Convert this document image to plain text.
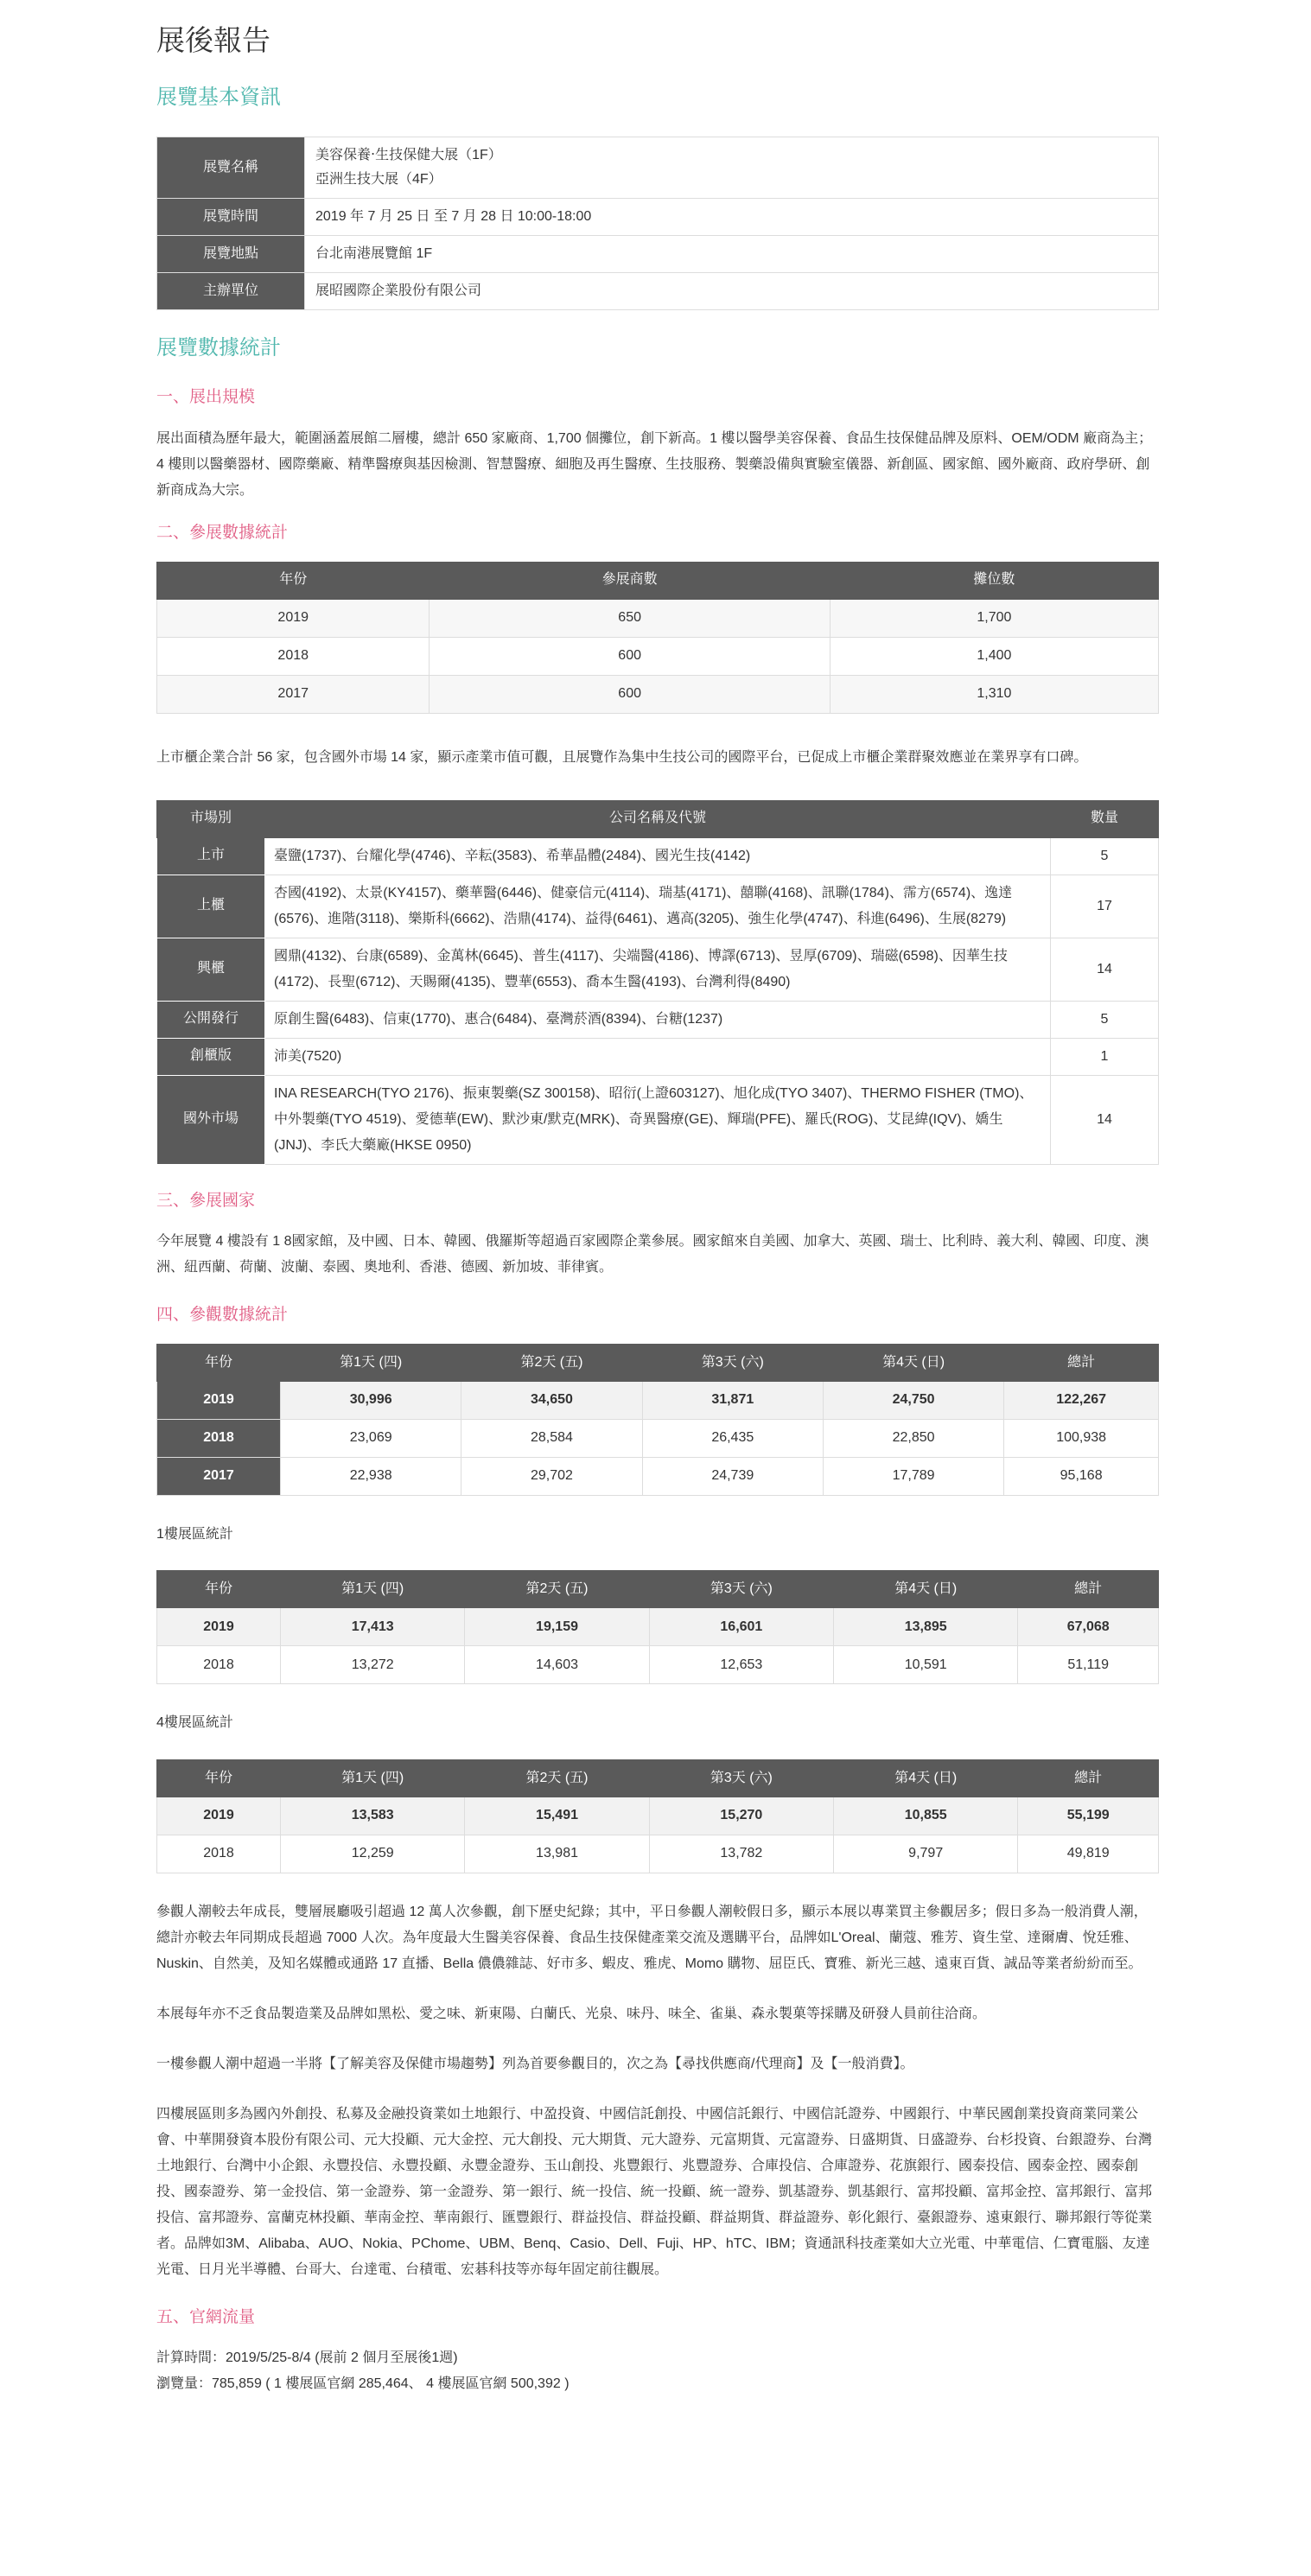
展後報告
展覽基本資訊
展覽名稱	美容保養‧生技保健大展（1F）
亞洲生技大展（4F）

展覽時間	2019 年 7 月 25 日 至 7 月 28 日 10:00-18:00
展覽地點	台北南港展覽館 1F
主辦單位	展昭國際企業股份有限公司
展覽數據統計
一、展出規模

展出面積為歷年最大，範圍涵蓋展館二層樓，總計 650 家廠商、1,700 個攤位，創下新高。1 樓以醫學美容保養、食品生技保健品牌及原料、OEM/ODM 廠商為主；4 樓則以醫藥器材、國際藥廠、精準醫療與基因檢測、智慧醫療、細胞及再生醫療、生技服務、製藥設備與實驗室儀器、新創區、國家館、國外廠商、政府學研、創新商成為大宗。

二、參展數據統計
年份	參展商數	攤位數
2019	650	1,700
2018	600	1,400
2017	600	1,310

上市櫃企業合計 56 家，包含國外市場 14 家，顯示產業市值可觀，且展覽作為集中生技公司的國際平台，已促成上市櫃企業群聚效應並在業界享有口碑。

市場別	公司名稱及代號	數量
上市	臺鹽(1737)、台耀化學(4746)、辛耘(3583)、希華晶體(2484)、國光生技(4142)	5
上櫃	杏國(4192)、太景(KY4157)、藥華醫(6446)、健豪信元(4114)、瑞基(4171)、囍聯(4168)、訊聯(1784)、霈方(6574)、逸達(6576)、進階(3118)、樂斯科(6662)、浩鼎(4174)、益得(6461)、邁高(3205)、強生化學(4747)、科進(6496)、生展(8279)	17
興櫃	國鼎(4132)、台康(6589)、金萬林(6645)、普生(4117)、尖端醫(4186)、博譯(6713)、昱厚(6709)、瑞磁(6598)、因華生技(4172)、長聖(6712)、天賜爾(4135)、豐華(6553)、喬本生醫(4193)、台灣利得(8490)	14
公開發行	原創生醫(6483)、信東(1770)、惠合(6484)、臺灣菸酒(8394)、台糖(1237)	5
創櫃版	沛美(7520)	1
國外市場	INA RESEARCH(TYO 2176)、振東製藥(SZ 300158)、昭衍(上證603127)、旭化成(TYO 3407)、THERMO FISHER (TMO)、中外製藥(TYO 4519)、愛德華(EW)、默沙東/默克(MRK)、奇異醫療(GE)、輝瑞(PFE)、羅氏(ROG)、艾昆緯(IQV)、嬌生(JNJ)、李氏大藥廠(HKSE 0950)	14
三、參展國家

今年展覽 4 樓設有 1 8國家館，及中國、日本、韓國、俄羅斯等超過百家國際企業參展。國家館來自美國、加拿大、英國、瑞士、比利時、義大利、韓國、印度、澳洲、紐西蘭、荷蘭、波蘭、泰國、奧地利、香港、德國、新加坡、菲律賓。

四、參觀數據統計
年份	第1天 (四)	第2天 (五)	第3天 (六)	第4天 (日)	總計
2019	30,996	34,650	31,871	24,750	122,267
2018	23,069	28,584	26,435	22,850	100,938
2017	22,938	29,702	24,739	17,789	95,168

1樓展區統計

年份	第1天 (四)	第2天 (五)	第3天 (六)	第4天 (日)	總計
2019	17,413	19,159	16,601	13,895	67,068
2018	13,272	14,603	12,653	10,591	51,119

4樓展區統計

年份	第1天 (四)	第2天 (五)	第3天 (六)	第4天 (日)	總計
2019	13,583	15,491	15,270	10,855	55,199
2018	12,259	13,981	13,782	9,797	49,819

參觀人潮較去年成長，雙層展廳吸引超過 12 萬人次參觀，創下歷史紀錄；其中，平日參觀人潮較假日多，顯示本展以專業買主參觀居多；假日多為一般消費人潮，總計亦較去年同期成長超過 7000 人次。為年度最大生醫美容保養、食品生技保健產業交流及選購平台，品牌如L'Oreal、蘭蔻、雅芳、資生堂、達爾膚、悅廷雅、Nuskin、自然美，及知名媒體或通路 17 直播、Bella 儂儂雜誌、好市多、蝦皮、雅虎、Momo 購物、屈臣氏、寶雅、新光三越、遠東百貨、誠品等業者紛紛而至。

本展每年亦不乏食品製造業及品牌如黑松、愛之味、新東陽、白蘭氏、光泉、味丹、味全、雀巢、森永製菓等採購及研發人員前往洽商。

一樓參觀人潮中超過一半將【了解美容及保健市場趨勢】列為首要參觀目的，次之為【尋找供應商/代理商】及【一般消費】。

四樓展區則多為國內外創投、私募及金融投資業如土地銀行、中盈投資、中國信託創投、中國信託銀行、中國信託證券、中國銀行、中華民國創業投資商業同業公會、中華開發資本股份有限公司、元大投顧、元大金控、元大創投、元大期貨、元大證券、元富期貨、元富證券、日盛期貨、日盛證券、台杉投資、台銀證券、台灣土地銀行、台灣中小企銀、永豐投信、永豐投顧、永豐金證券、玉山創投、兆豐銀行、兆豐證券、合庫投信、合庫證券、花旗銀行、國泰投信、國泰金控、國泰創投、國泰證券、第一金投信、第一金證券、第一金證券、第一銀行、統一投信、統一投顧、統一證券、凱基證券、凱基銀行、富邦投顧、富邦金控、富邦銀行、富邦投信、富邦證券、富蘭克林投顧、華南金控、華南銀行、匯豐銀行、群益投信、群益投顧、群益期貨、群益證券、彰化銀行、臺銀證券、遠東銀行、聯邦銀行等從業者。品牌如3M、Alibaba、AUO、Nokia、PChome、UBM、Benq、Casio、Dell、Fuji、HP、hTC、IBM；資通訊科技產業如大立光電、中華電信、仁寶電腦、友達光電、日月光半導體、台哥大、台達電、台積電、宏碁科技等亦每年固定前往觀展。

五、官網流量
計算時間：2019/5/25-8/4 (展前 2 個月至展後1週)
瀏覽量：785,859 ( 1 樓展區官網 285,464、 4 樓展區官網 500,392 )
